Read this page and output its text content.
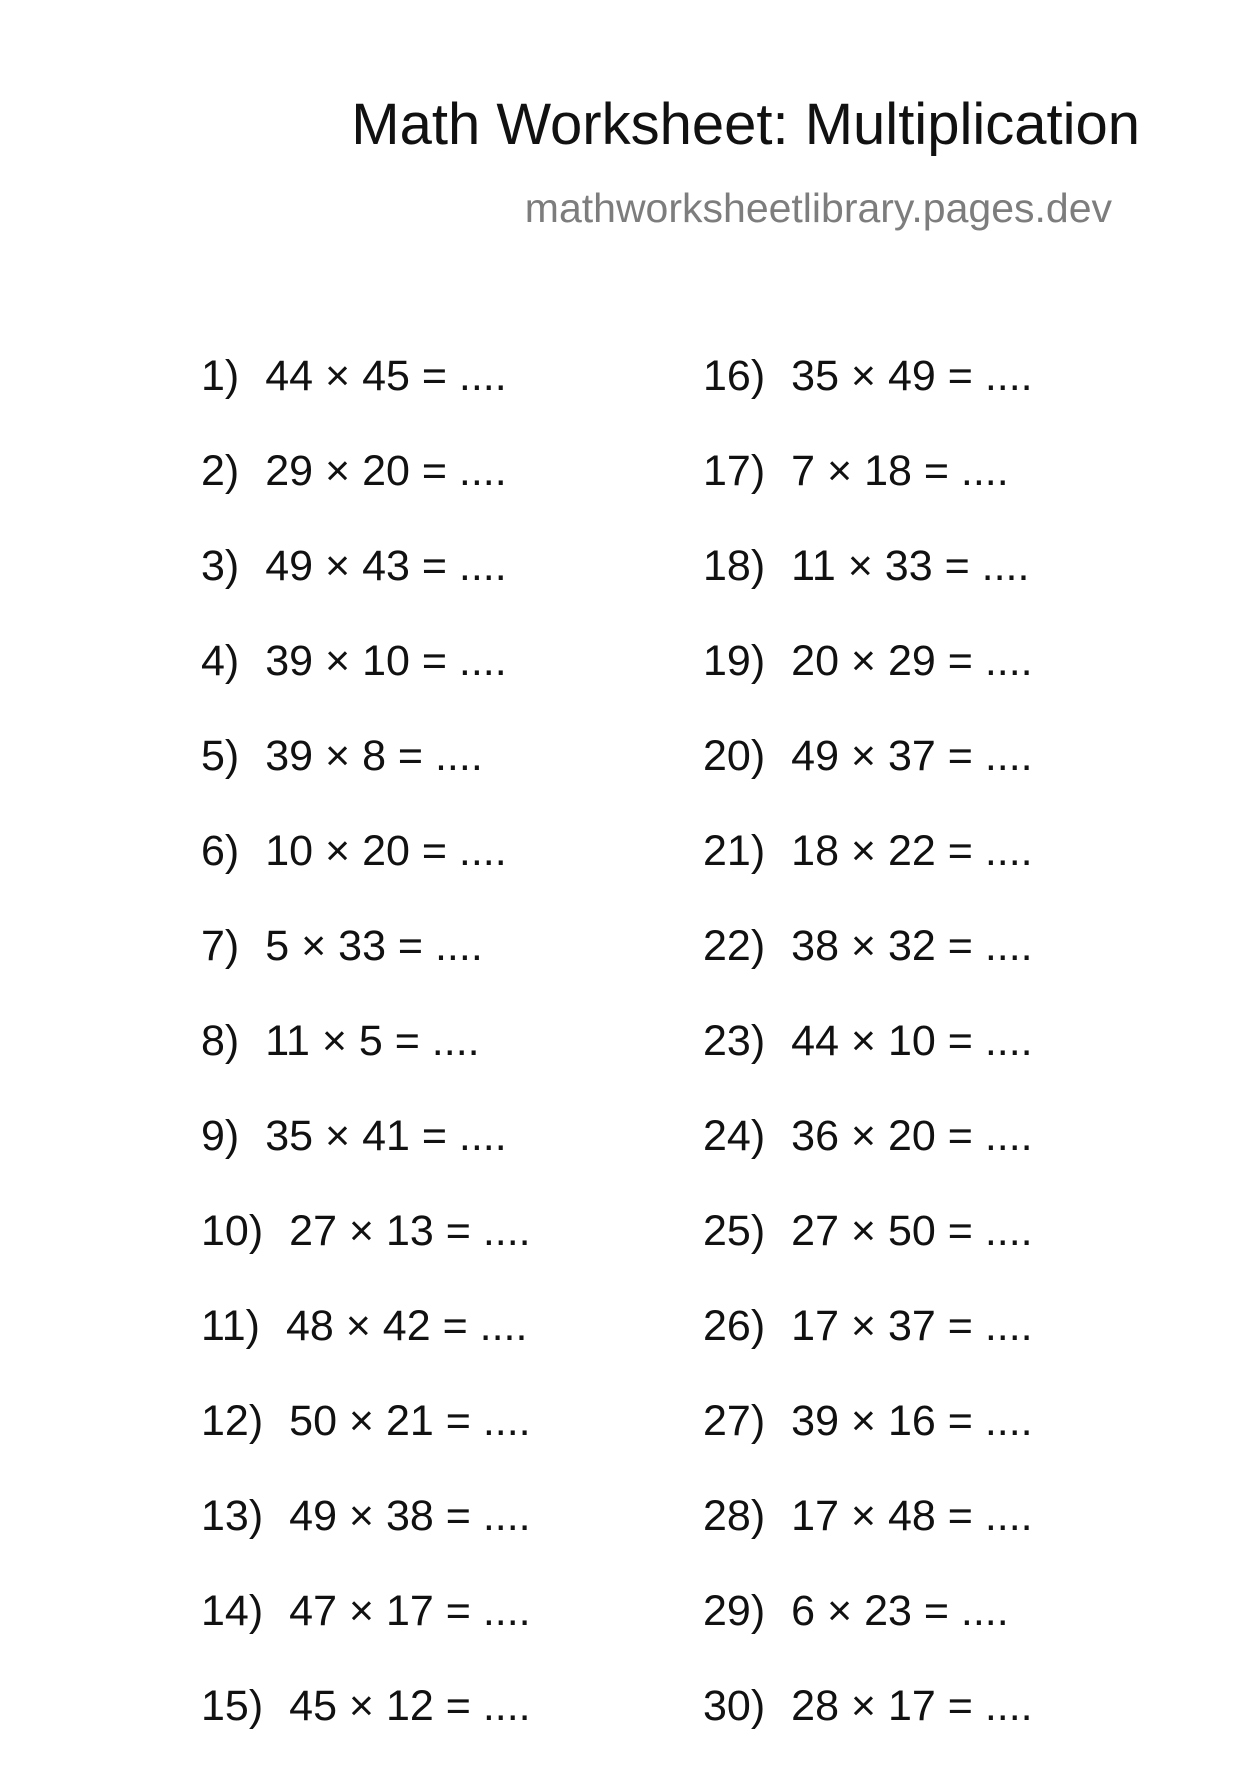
Math Worksheet: Multiplication
mathworksheetlibrary.pages.dev
1) 44 × 45 = ....
2) 29 × 20 = ....
3) 49 × 43 = ....
4) 39 × 10 = ....
5) 39 × 8 = ....
6) 10 × 20 = ....
7) 5 × 33 = ....
8) 11 × 5 = ....
9) 35 × 41 = ....
10) 27 × 13 = ....
11) 48 × 42 = ....
12) 50 × 21 = ....
13) 49 × 38 = ....
14) 47 × 17 = ....
15) 45 × 12 = ....
16) 35 × 49 = ....
17) 7 × 18 = ....
18) 11 × 33 = ....
19) 20 × 29 = ....
20) 49 × 37 = ....
21) 18 × 22 = ....
22) 38 × 32 = ....
23) 44 × 10 = ....
24) 36 × 20 = ....
25) 27 × 50 = ....
26) 17 × 37 = ....
27) 39 × 16 = ....
28) 17 × 48 = ....
29) 6 × 23 = ....
30) 28 × 17 = ....
